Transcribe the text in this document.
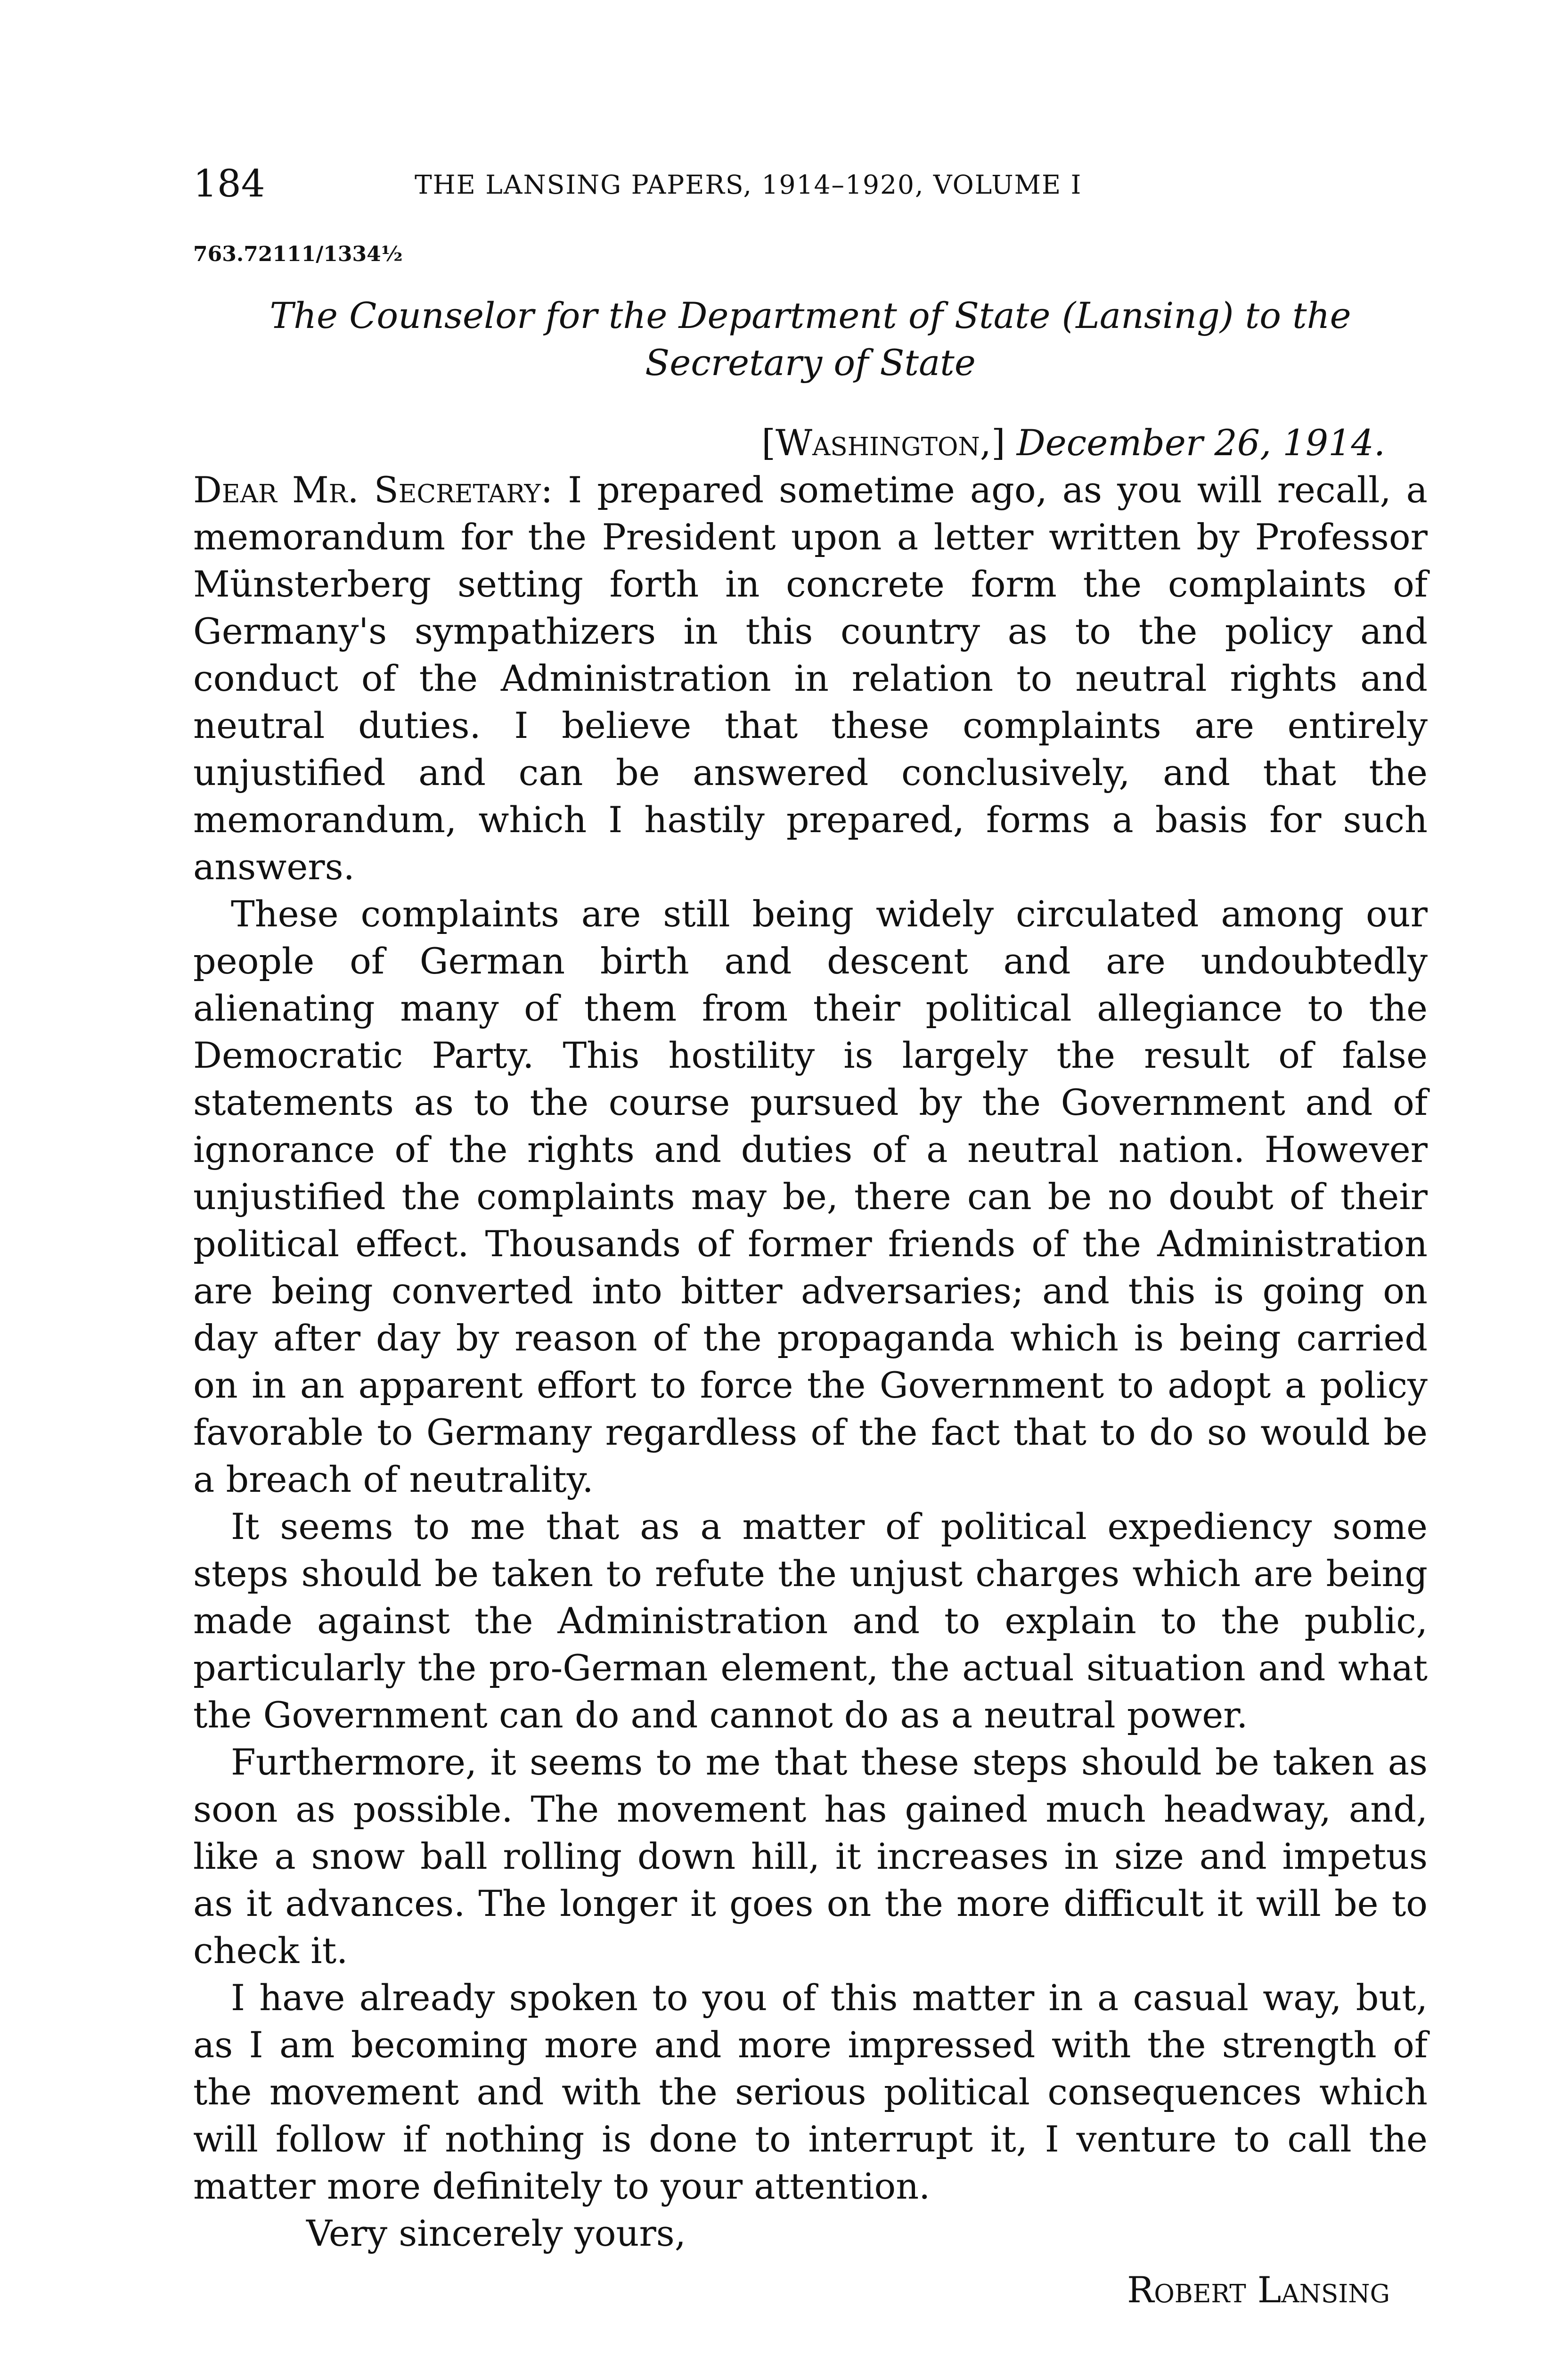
184	THE LANSING PAPERS, 1914–1920, VOLUME I
763.72111/1334½
The Counselor for the Department of State (Lansing) to the Secretary of State
[Washington,] December 26, 1914.

Dear Mr. Secretary: I prepared sometime ago, as you will recall, a memorandum for the President upon a letter written by Professor Münsterberg setting forth in concrete form the complaints of Germany's sympathizers in this country as to the policy and conduct of the Administration in relation to neutral rights and neutral duties. I believe that these complaints are entirely unjustified and can be answered conclusively, and that the memorandum, which I hastily prepared, forms a basis for such answers.

These complaints are still being widely circulated among our people of German birth and descent and are undoubtedly alienating many of them from their political allegiance to the Democratic Party. This hostility is largely the result of false statements as to the course pursued by the Government and of ignorance of the rights and duties of a neutral nation. However unjustified the complaints may be, there can be no doubt of their political effect. Thousands of former friends of the Administration are being converted into bitter adversaries; and this is going on day after day by reason of the propaganda which is being carried on in an apparent effort to force the Government to adopt a policy favorable to Germany regardless of the fact that to do so would be a breach of neutrality.

It seems to me that as a matter of political expediency some steps should be taken to refute the unjust charges which are being made against the Administration and to explain to the public, particularly the pro-German element, the actual situation and what the Government can do and cannot do as a neutral power.

Furthermore, it seems to me that these steps should be taken as soon as possible. The movement has gained much headway, and, like a snow ball rolling down hill, it increases in size and impetus as it advances. The longer it goes on the more difficult it will be to check it.

I have already spoken to you of this matter in a casual way, but, as I am becoming more and more impressed with the strength of the movement and with the serious political consequences which will follow if nothing is done to interrupt it, I venture to call the matter more definitely to your attention.

Very sincerely yours,

Robert Lansing
